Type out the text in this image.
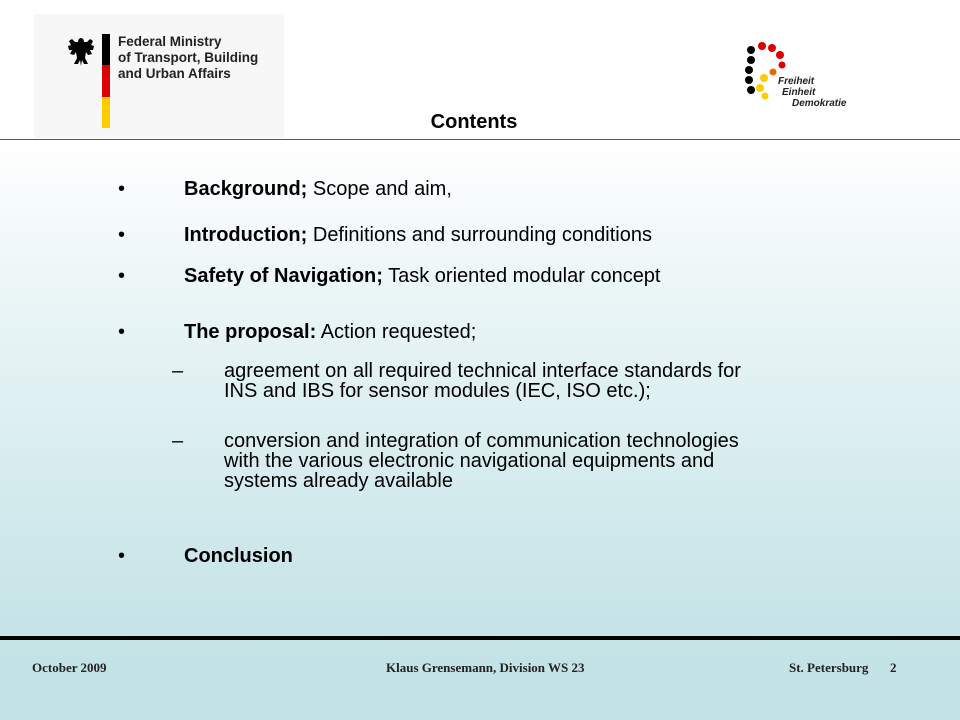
Federal Ministry
of Transport, Building
and Urban Affairs
Freiheit
Einheit
Demokratie
Contents
•	Background; Scope and aim,
•	Introduction; Definitions and surrounding conditions
•	Safety of Navigation; Task oriented modular concept
•	The proposal: Action requested;
– agreement on all required technical interface standards for
INS and IBS for sensor modules (IEC, ISO etc.);
– conversion and integration of communication technologies
with the various electronic navigational equipments and
systems already available
•	Conclusion
October 2009	Klaus Grensemann, Division WS 23	St. Petersburg 2
